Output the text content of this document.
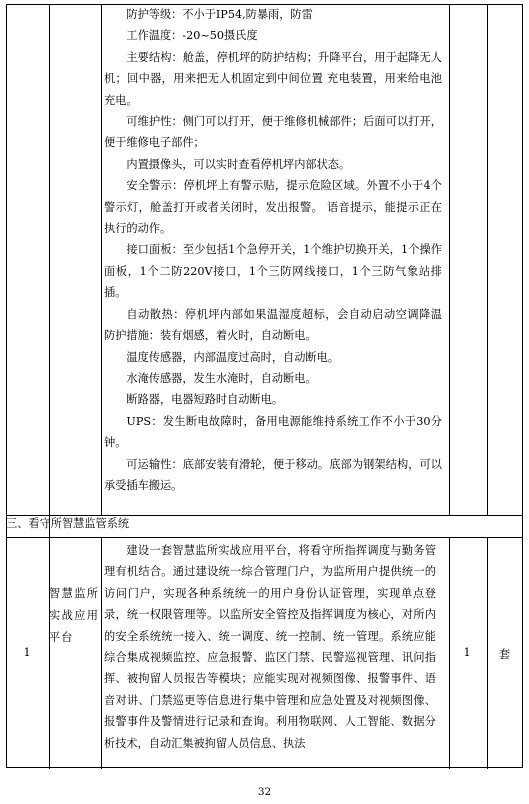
防护等级：不小于IP54,防暴雨，防雷

工作温度：-20~50摄氏度

主要结构：舱盖，停机坪的防护结构；升降平台，用于起降无人机；回中器，用来把无人机固定到中间位置 充电装置，用来给电池充电。

可维护性：侧门可以打开，便于维修机械部件；后面可以打开，便于维修电子部件；

内置摄像头，可以实时查看停机坪内部状态。

安全警示：停机坪上有警示贴，提示危险区域。外置不小于4个警示灯，舱盖打开或者关闭时，发出报警。 语音提示，能提示正在执行的动作。

接口面板：至少包括1个急停开关，1个维护切换开关，1个操作面板，1个二防220V接口，1个三防网线接口，1个三防气象站排插。

自动散热：停机坪内部如果温湿度超标，会自动启动空调降温 防护措施：装有烟感，着火时，自动断电。

温度传感器，内部温度过高时，自动断电。

水淹传感器，发生水淹时，自动断电。

断路器，电器短路时自动断电。

UPS：发生断电故障时，备用电源能维持系统工作不小于30分钟。

可运输性：底部安装有滑轮，便于移动。底部为钢架结构，可以承受插车搬运。

三、看守所智慧监管系统
1
智慧监所实战应用平台

建设一套智慧监所实战应用平台，将看守所指挥调度与勤务管理有机结合。通过建设统一综合管理门户，为监所用户提供统一的访问门户，实现各种系统统一的用户身份认证管理，实现单点登录，统一权限管理等。以监所安全管控及指挥调度为核心，对所内的安全系统统一接入、统一调度、统一控制、统一管理。系统应能综合集成视频监控、应急报警、监区门禁、民警巡视管理、讯问指挥、被拘留人员报告等模块；应能实现对视频图像、报警事件、语音对讲、门禁巡更等信息进行集中管理和应急处置及对视频图像、报警事件及警情进行记录和查询。利用物联网、人工智能、数据分析技术，自动汇集被拘留人员信息、执法

1	套
32
